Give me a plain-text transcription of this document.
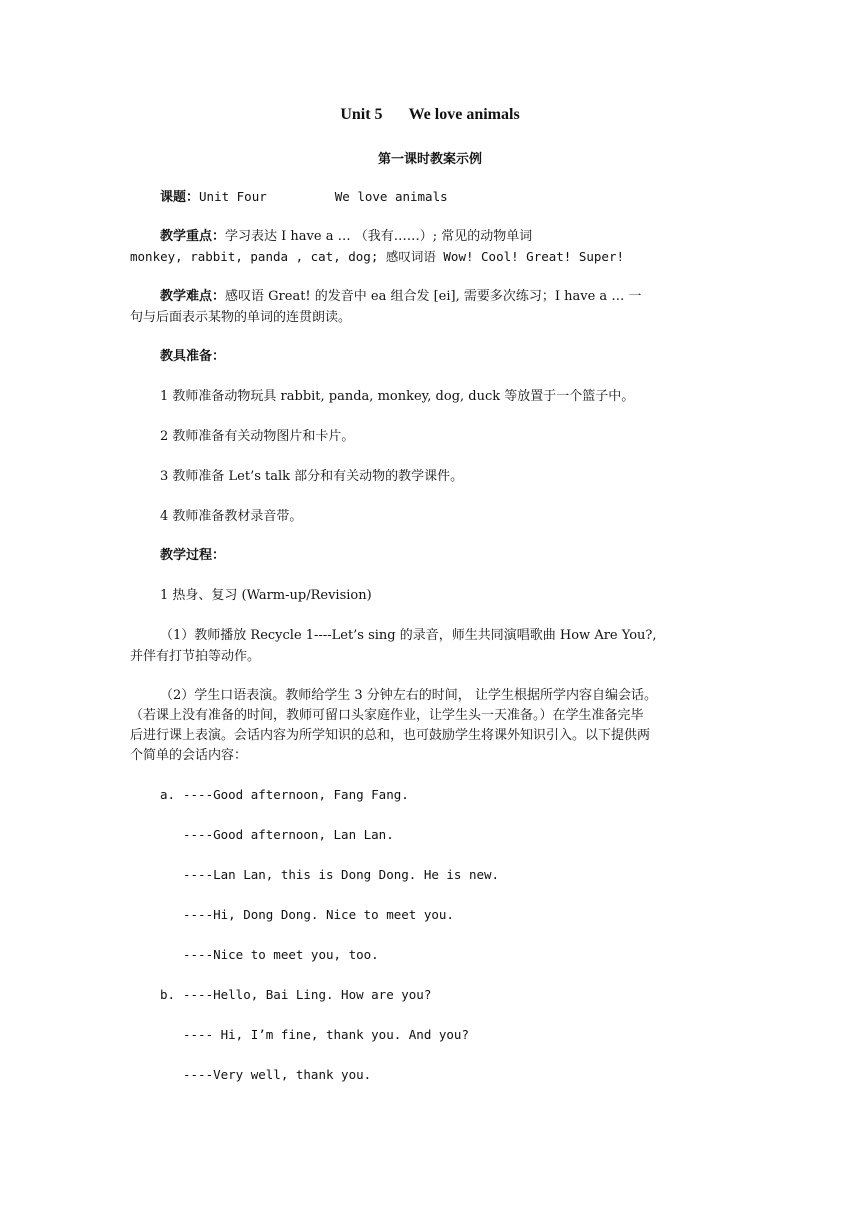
Unit 5 We love animals
第一课时教案示例
课题：Unit Four	We love animals
教学重点：学习表达 I have a … （我有……）; 常见的动物单词
monkey, rabbit, panda , cat, dog; 感叹词语 Wow! Cool! Great! Super!
教学难点：感叹语 Great! 的发音中 ea 组合发 [ei], 需要多次练习；I have a … 一
句与后面表示某物的单词的连贯朗读。
教具准备：
1 教师准备动物玩具 rabbit, panda, monkey, dog, duck 等放置于一个篮子中。
2 教师准备有关动物图片和卡片。
3 教师准备 Let’s talk 部分和有关动物的教学课件。
4 教师准备教材录音带。
教学过程：
1 热身、复习 (Warm-up/Revision)
（1）教师播放 Recycle 1----Let’s sing 的录音，师生共同演唱歌曲 How Are You?,
并伴有打节拍等动作。
（2）学生口语表演。教师给学生 3 分钟左右的时间， 让学生根据所学内容自编会话。
（若课上没有准备的时间，教师可留口头家庭作业，让学生头一天准备。）在学生准备完毕
后进行课上表演。会话内容为所学知识的总和，也可鼓励学生将课外知识引入。以下提供两
个简单的会话内容：
a. ----Good afternoon, Fang Fang.
----Good afternoon, Lan Lan.
----Lan Lan, this is Dong Dong. He is new.
----Hi, Dong Dong. Nice to meet you.
----Nice to meet you, too.
b. ----Hello, Bai Ling. How are you?
---- Hi, I’m fine, thank you. And you?
----Very well, thank you.
